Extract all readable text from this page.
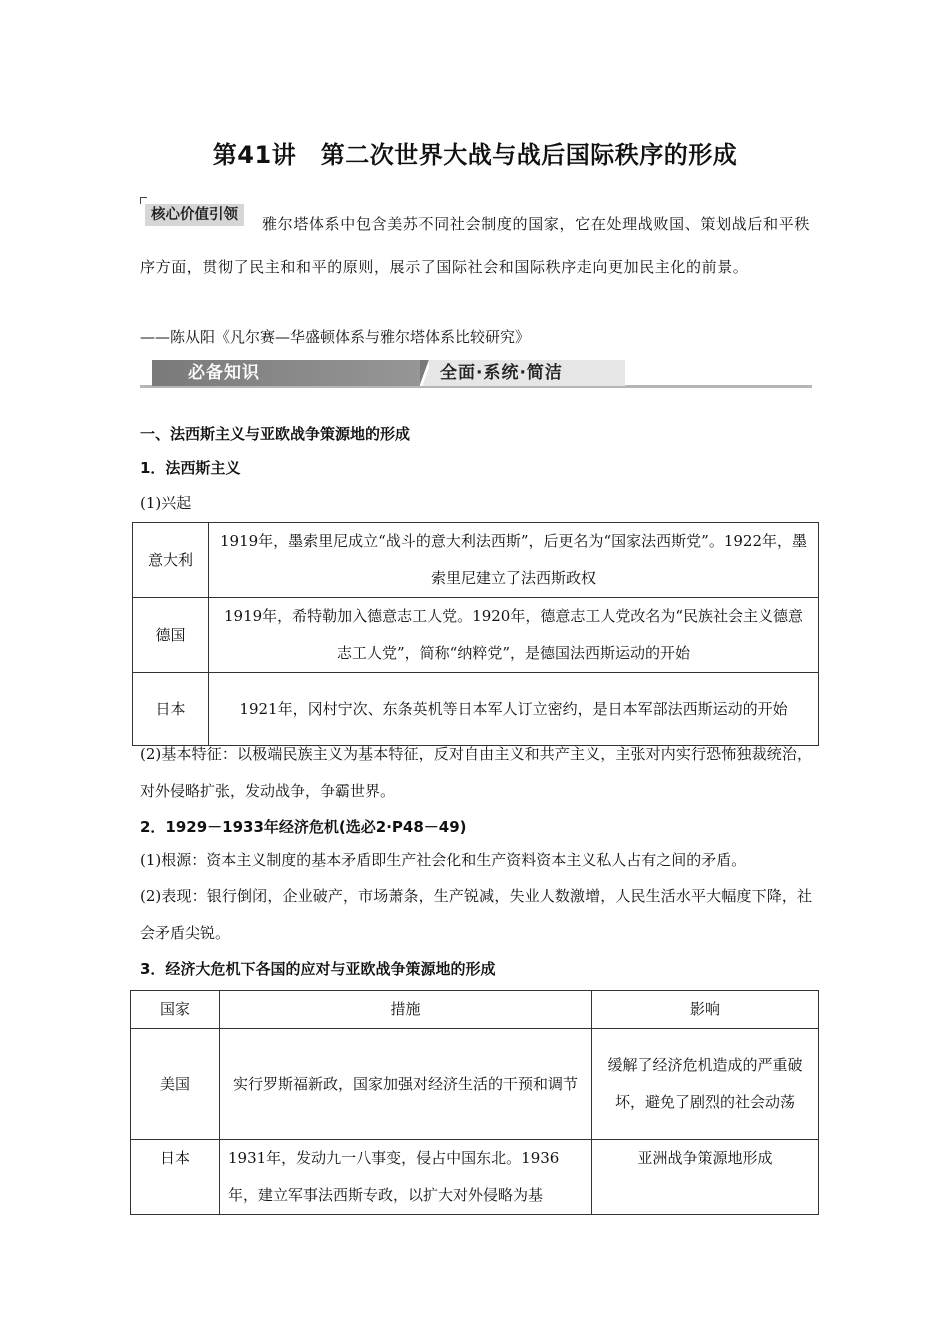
第41讲　第二次世界大战与战后国际秩序的形成
雅尔塔体系中包含美苏不同社会制度的国家，它在处理战败国、策划战后和平秩序方面，贯彻了民主和和平的原则，展示了国际社会和国际秩序走向更加民主化的前景。
核心价值引领
——陈从阳《凡尔赛—华盛顿体系与雅尔塔体系比较研究》
必备知识	全面·系统·简洁
一、法西斯主义与亚欧战争策源地的形成
1．法西斯主义
(1)兴起
意大利	1919年，墨索里尼成立“战斗的意大利法西斯”，后更名为“国家法西斯党”。1922年，墨索里尼建立了法西斯政权
德国	1919年，希特勒加入德意志工人党。1920年，德意志工人党改名为“民族社会主义德意志工人党”，简称“纳粹党”，是德国法西斯运动的开始
日本	1921年，冈村宁次、东条英机等日本军人订立密约，是日本军部法西斯运动的开始
(2)基本特征：以极端民族主义为基本特征，反对自由主义和共产主义，主张对内实行恐怖独裁统治，对外侵略扩张，发动战争，争霸世界。
2．1929－1933年经济危机(选必2·P48－49)
(1)根源：资本主义制度的基本矛盾即生产社会化和生产资料资本主义私人占有之间的矛盾。
(2)表现：银行倒闭，企业破产，市场萧条，生产锐减，失业人数激增，人民生活水平大幅度下降，社会矛盾尖锐。
3．经济大危机下各国的应对与亚欧战争策源地的形成
国家	措施	影响
美国	实行罗斯福新政，国家加强对经济生活的干预和调节	缓解了经济危机造成的严重破坏，避免了剧烈的社会动荡
日本	1931年，发动九一八事变，侵占中国东北。1936年，建立军事法西斯专政，以扩大对外侵略为基	亚洲战争策源地形成
